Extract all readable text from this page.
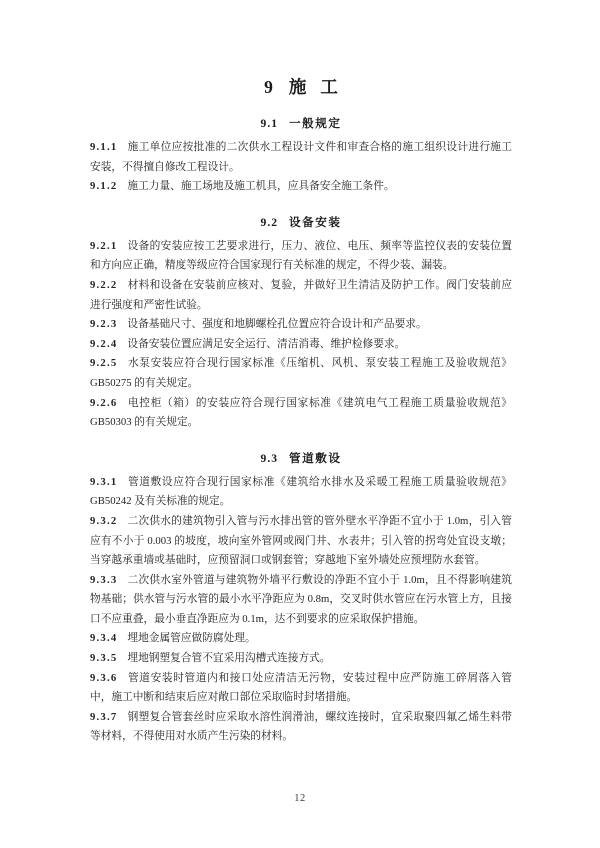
9 施工
9.1 一般规定

9.1.1 施工单位应按批准的二次供水工程设计文件和审查合格的施工组织设计进行施工安装，不得擅自修改工程设计。

9.1.2 施工力量、施工场地及施工机具，应具备安全施工条件。

9.2 设备安装

9.2.1 设备的安装应按工艺要求进行，压力、液位、电压、频率等监控仪表的安装位置和方向应正确，精度等级应符合国家现行有关标准的规定，不得少装、漏装。

9.2.2 材料和设备在安装前应核对、复验，并做好卫生清洁及防护工作。阀门安装前应进行强度和严密性试验。

9.2.3 设备基础尺寸、强度和地脚螺栓孔位置应符合设计和产品要求。

9.2.4 设备安装位置应满足安全运行、清洁消毒、维护检修要求。

9.2.5 水泵安装应符合现行国家标准《压缩机、风机、泵安装工程施工及验收规范》GB50275 的有关规定。

9.2.6 电控柜（箱）的安装应符合现行国家标准《建筑电气工程施工质量验收规范》GB50303 的有关规定。

9.3 管道敷设

9.3.1 管道敷设应符合现行国家标准《建筑给水排水及采暖工程施工质量验收规范》GB50242 及有关标准的规定。

9.3.2 二次供水的建筑物引入管与污水排出管的管外壁水平净距不宜小于 1.0m，引入管应有不小于 0.003 的坡度，坡向室外管网或阀门井、水表井；引入管的拐弯处宜设支墩；当穿越承重墙或基础时，应预留洞口或钢套管；穿越地下室外墙处应预埋防水套管。

9.3.3 二次供水室外管道与建筑物外墙平行敷设的净距不宜小于 1.0m，且不得影响建筑物基础；供水管与污水管的最小水平净距应为 0.8m，交叉时供水管应在污水管上方，且接口不应重叠，最小垂直净距应为 0.1m，达不到要求的应采取保护措施。

9.3.4 埋地金属管应做防腐处理。

9.3.5 埋地钢塑复合管不宜采用沟槽式连接方式。

9.3.6 管道安装时管道内和接口处应清洁无污物，安装过程中应严防施工碎屑落入管中，施工中断和结束后应对敞口部位采取临时封堵措施。

9.3.7 钢塑复合管套丝时应采取水溶性润滑油，螺纹连接时，宜采取聚四氟乙烯生料带等材料，不得使用对水质产生污染的材料。

12
